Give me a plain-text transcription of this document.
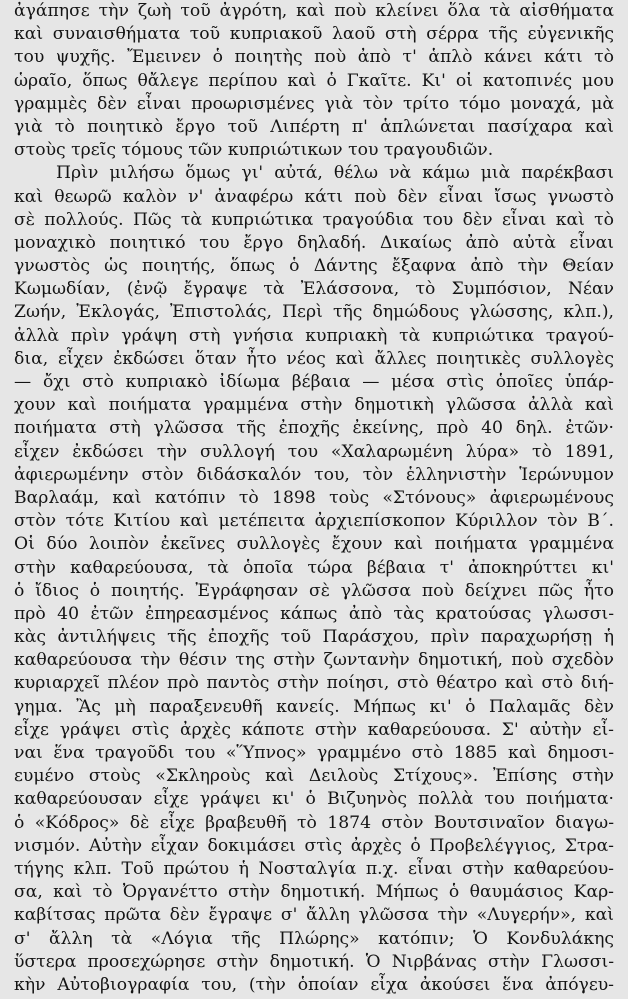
ἀγάπησε τὴν ζωὴ τοῦ ἀγρότη, καὶ ποὺ κλείνει ὅλα τὰ αἰσθήματα
καὶ συναισθήματα τοῦ κυπριακοῦ λαοῦ στὴ σέρρα τῆς εὐγενικῆς
του ψυχῆς. Ἔμεινεν ὁ ποιητὴς ποὺ ἀπὸ τ' ἁπλὸ κάνει κάτι τὸ
ὡραῖο, ὅπως θἄλεγε περίπου καὶ ὁ Γκαῖτε. Κι' οἱ κατοπινές μου
γραμμὲς δὲν εἶναι προωρισμένες γιὰ τὸν τρίτο τόμο μοναχά, μὰ
γιὰ τὸ ποιητικὸ ἔργο τοῦ Λιπέρτη π' ἁπλώνεται πασίχαρα καὶ
στοὺς τρεῖς τόμους τῶν κυπριώτικων του τραγουδιῶν.
Πρὶν μιλήσω ὅμως γι' αὐτά, θέλω νὰ κάμω μιὰ παρέκβασι
καὶ θεωρῶ καλὸν ν' ἀναφέρω κάτι ποὺ δὲν εἶναι ἴσως γνωστὸ
σὲ πολλούς. Πῶς τὰ κυπριώτικα τραγούδια του δὲν εἶναι καὶ τὸ
μοναχικὸ ποιητικό του ἔργο δηλαδή. Δικαίως ἀπὸ αὐτὰ εἶναι
γνωστὸς ὡς ποιητής, ὅπως ὁ Δάντης ἔξαφνα ἀπὸ τὴν Θείαν
Κωμωδίαν, (ἐνῷ ἔγραψε τὰ Ἐλάσσονα, τὸ Συμπόσιον, Νέαν
Ζωήν, Ἐκλογάς, Ἐπιστολάς, Περὶ τῆς δημώδους γλώσσης, κλπ.),
ἀλλὰ πρὶν γράψη στὴ γνήσια κυπριακὴ τὰ κυπριώτικα τραγού-
δια, εἶχεν ἐκδώσει ὅταν ἦτο νέος καὶ ἄλλες ποιητικὲς συλλογὲς
— ὄχι στὸ κυπριακὸ ἰδίωμα βέβαια — μέσα στὶς ὁποῖες ὑπάρ-
χουν καὶ ποιήματα γραμμένα στὴν δημοτικὴ γλῶσσα ἀλλὰ καὶ
ποιήματα στὴ γλῶσσα τῆς ἐποχῆς ἐκείνης, πρὸ 40 δηλ. ἐτῶν·
εἶχεν ἐκδώσει τὴν συλλογή του «Χαλαρωμένη λύρα» τὸ 1891,
ἀφιερωμένην στὸν διδάσκαλόν του, τὸν ἑλληνιστὴν Ἱερώνυμον
Βαρλαάμ, καὶ κατόπιν τὸ 1898 τοὺς «Στόνους» ἀφιερωμένους
στὸν τότε Κιτίου καὶ μετέπειτα ἀρχιεπίσκοπον Κύριλλον τὸν Β΄.
Οἱ δύο λοιπὸν ἐκεῖνες συλλογὲς ἔχουν καὶ ποιήματα γραμμένα
στὴν καθαρεύουσα, τὰ ὁποῖα τώρα βέβαια τ' ἀποκηρύττει κι'
ὁ ἴδιος ὁ ποιητής. Ἐγράφησαν σὲ γλῶσσα ποὺ δείχνει πῶς ἦτο
πρὸ 40 ἐτῶν ἐπηρεασμένος κάπως ἀπὸ τὰς κρατούσας γλωσσι-
κὰς ἀντιλήψεις τῆς ἐποχῆς τοῦ Παράσχου, πρὶν παραχωρήσῃ ἡ
καθαρεύουσα τὴν θέσιν της στὴν ζωντανὴν δημοτική, ποὺ σχεδὸν
κυριαρχεῖ πλέον πρὸ παντὸς στὴν ποίησι, στὸ θέατρο καὶ στὸ διή-
γημα. Ἂς μὴ παραξενευθῆ κανείς. Μήπως κι' ὁ Παλαμᾶς δὲν
εἶχε γράψει στὶς ἀρχὲς κάποτε στὴν καθαρεύουσα. Σ' αὐτὴν εἶ-
ναι ἕνα τραγοῦδι του «Ὕπνος» γραμμένο στὸ 1885 καὶ δημοσι-
ευμένο στοὺς «Σκληροὺς καὶ Δειλοὺς Στίχους». Ἐπίσης στὴν
καθαρεύουσαν εἶχε γράψει κι' ὁ Βιζυηνὸς πολλὰ του ποιήματα·
ὁ «Κόδρος» δὲ εἶχε βραβευθῆ τὸ 1874 στὸν Βουτσιναῖον διαγω-
νισμόν. Αὐτὴν εἶχαν δοκιμάσει στὶς ἀρχὲς ὁ Προβελέγγιος, Στρα-
τήγης κλπ. Τοῦ πρώτου ἡ Νοσταλγία π.χ. εἶναι στὴν καθαρεύου-
σα, καὶ τὸ Ὀργανέττο στὴν δημοτική. Μήπως ὁ θαυμάσιος Καρ-
καβίτσας πρῶτα δὲν ἔγραψε σ' ἄλλη γλῶσσα τὴν «Λυγερήν», καὶ
σ' ἄλλη τὰ «Λόγια τῆς Πλώρης» κατόπιν; Ὁ Κονδυλάκης
ὕστερα προσεχώρησε στὴν δημοτική. Ὁ Νιρβάνας στὴν Γλωσσι-
κὴν Αὐτοβιογραφία του, (τὴν ὁποίαν εἶχα ἀκούσει ἕνα ἀπόγευ-
